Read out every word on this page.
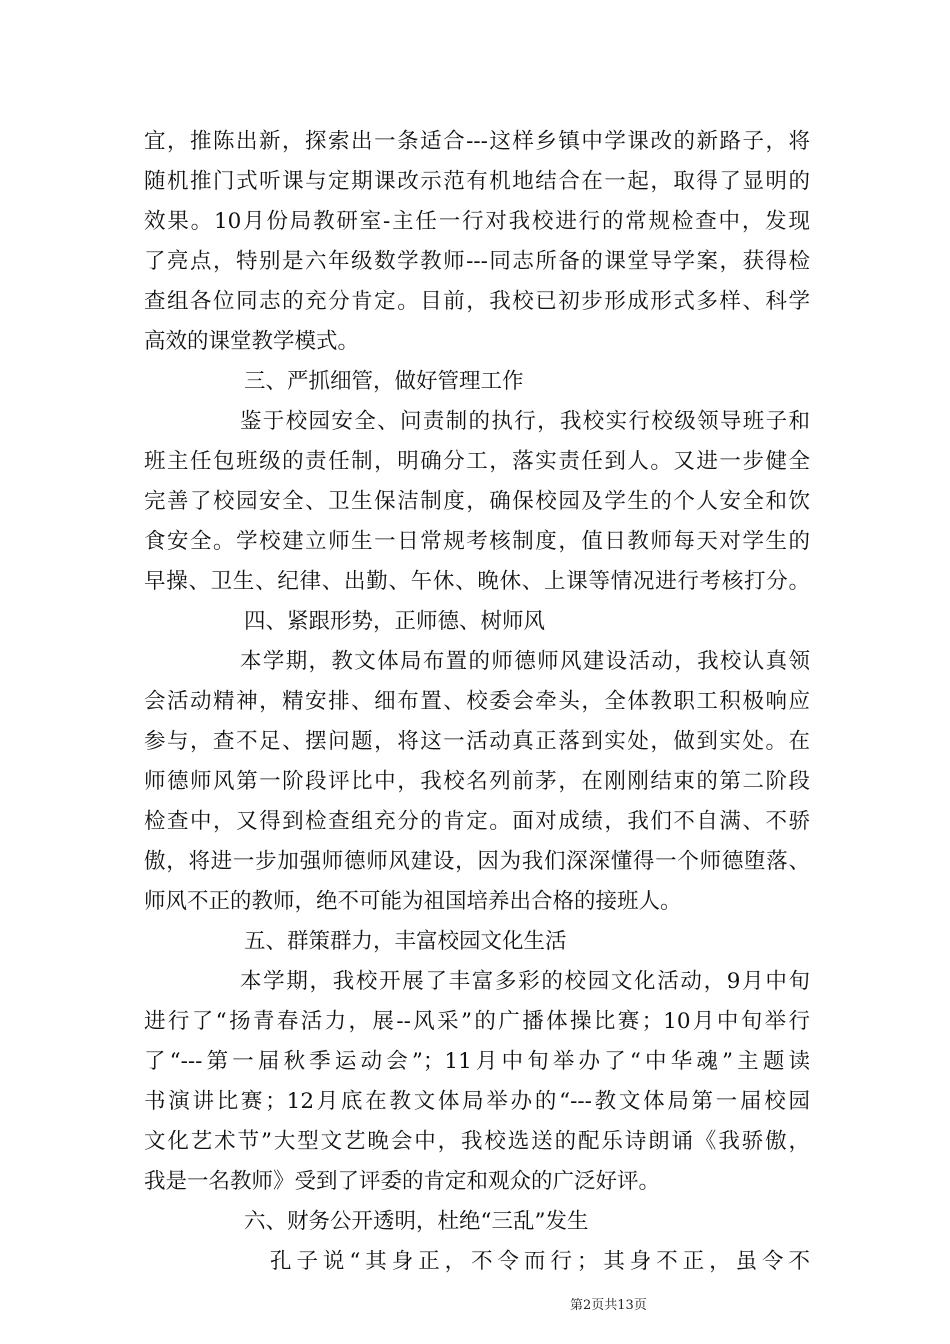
宜，推陈出新，探索出一条适合---这样乡镇中学课改的新路子，将
随机推门式听课与定期课改示范有机地结合在一起，取得了显明的
效果。10月份局教研室-主任一行对我校进行的常规检查中，发现
了亮点，特别是六年级数学教师---同志所备的课堂导学案，获得检
查组各位同志的充分肯定。目前，我校已初步形成形式多样、科学
高效的课堂教学模式。
三、严抓细管，做好管理工作
鉴于校园安全、问责制的执行，我校实行校级领导班子和
班主任包班级的责任制，明确分工，落实责任到人。又进一步健全
完善了校园安全、卫生保洁制度，确保校园及学生的个人安全和饮
食安全。学校建立师生一日常规考核制度，值日教师每天对学生的
早操、卫生、纪律、出勤、午休、晚休、上课等情况进行考核打分。
四、紧跟形势，正师德、树师风
本学期，教文体局布置的师德师风建设活动，我校认真领
会活动精神，精安排、细布置、校委会牵头，全体教职工积极响应
参与，查不足、摆问题，将这一活动真正落到实处，做到实处。在
师德师风第一阶段评比中，我校名列前茅，在刚刚结束的第二阶段
检查中，又得到检查组充分的肯定。面对成绩，我们不自满、不骄
傲，将进一步加强师德师风建设，因为我们深深懂得一个师德堕落、
师风不正的教师，绝不可能为祖国培养出合格的接班人。
五、群策群力，丰富校园文化生活
本学期，我校开展了丰富多彩的校园文化活动，9月中旬
进行了“扬青春活力，展--风采”的广播体操比赛；10月中旬举行
了“---第一届秋季运动会”；11月中旬举办了“中华魂”主题读
书演讲比赛；12月底在教文体局举办的“---教文体局第一届校园
文化艺术节”大型文艺晚会中，我校选送的配乐诗朗诵《我骄傲，
我是一名教师》受到了评委的肯定和观众的广泛好评。
六、财务公开透明，杜绝“三乱”发生
孔子说“其身正，不令而行；其身不正，虽令不
第2页共13页
